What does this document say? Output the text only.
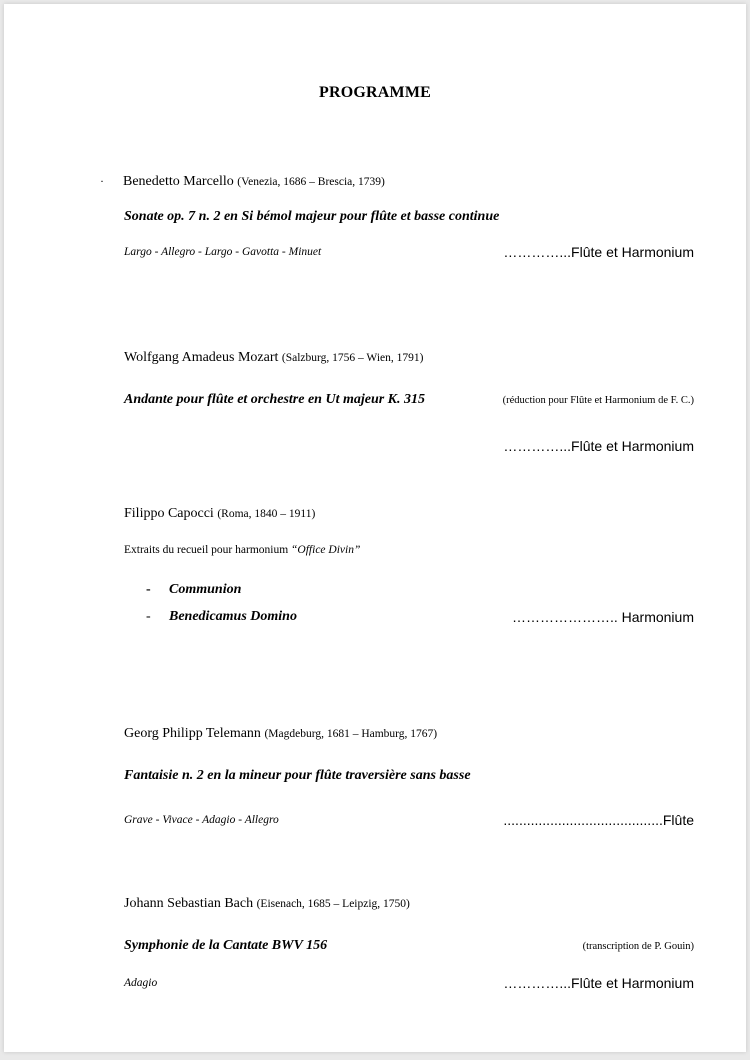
PROGRAMME
· Benedetto Marcello (Venezia, 1686 – Brescia, 1739)
Sonate op. 7 n. 2 en Si bémol majeur pour flûte et basse continue
Largo - Allegro - Largo - Gavotta - Minuet	…………...Flûte et Harmonium
Wolfgang Amadeus Mozart (Salzburg, 1756 – Wien, 1791)
Andante pour flûte et orchestre en Ut majeur K. 315	(réduction pour Flûte et Harmonium de F. C.)
…………...Flûte et Harmonium
Filippo Capocci (Roma, 1840 – 1911)
Extraits du recueil pour harmonium “Office Divin”
- Communion
- Benedicamus Domino	………………….. Harmonium
Georg Philipp Telemann (Magdeburg, 1681 – Hamburg, 1767)
Fantaisie n. 2 en la mineur pour flûte traversière sans basse
Grave - Vivace - Adagio - Allegro	.........................................Flûte
Johann Sebastian Bach (Eisenach, 1685 – Leipzig, 1750)
Symphonie de la Cantate BWV 156	(transcription de P. Gouin)
Adagio	…………...Flûte et Harmonium
